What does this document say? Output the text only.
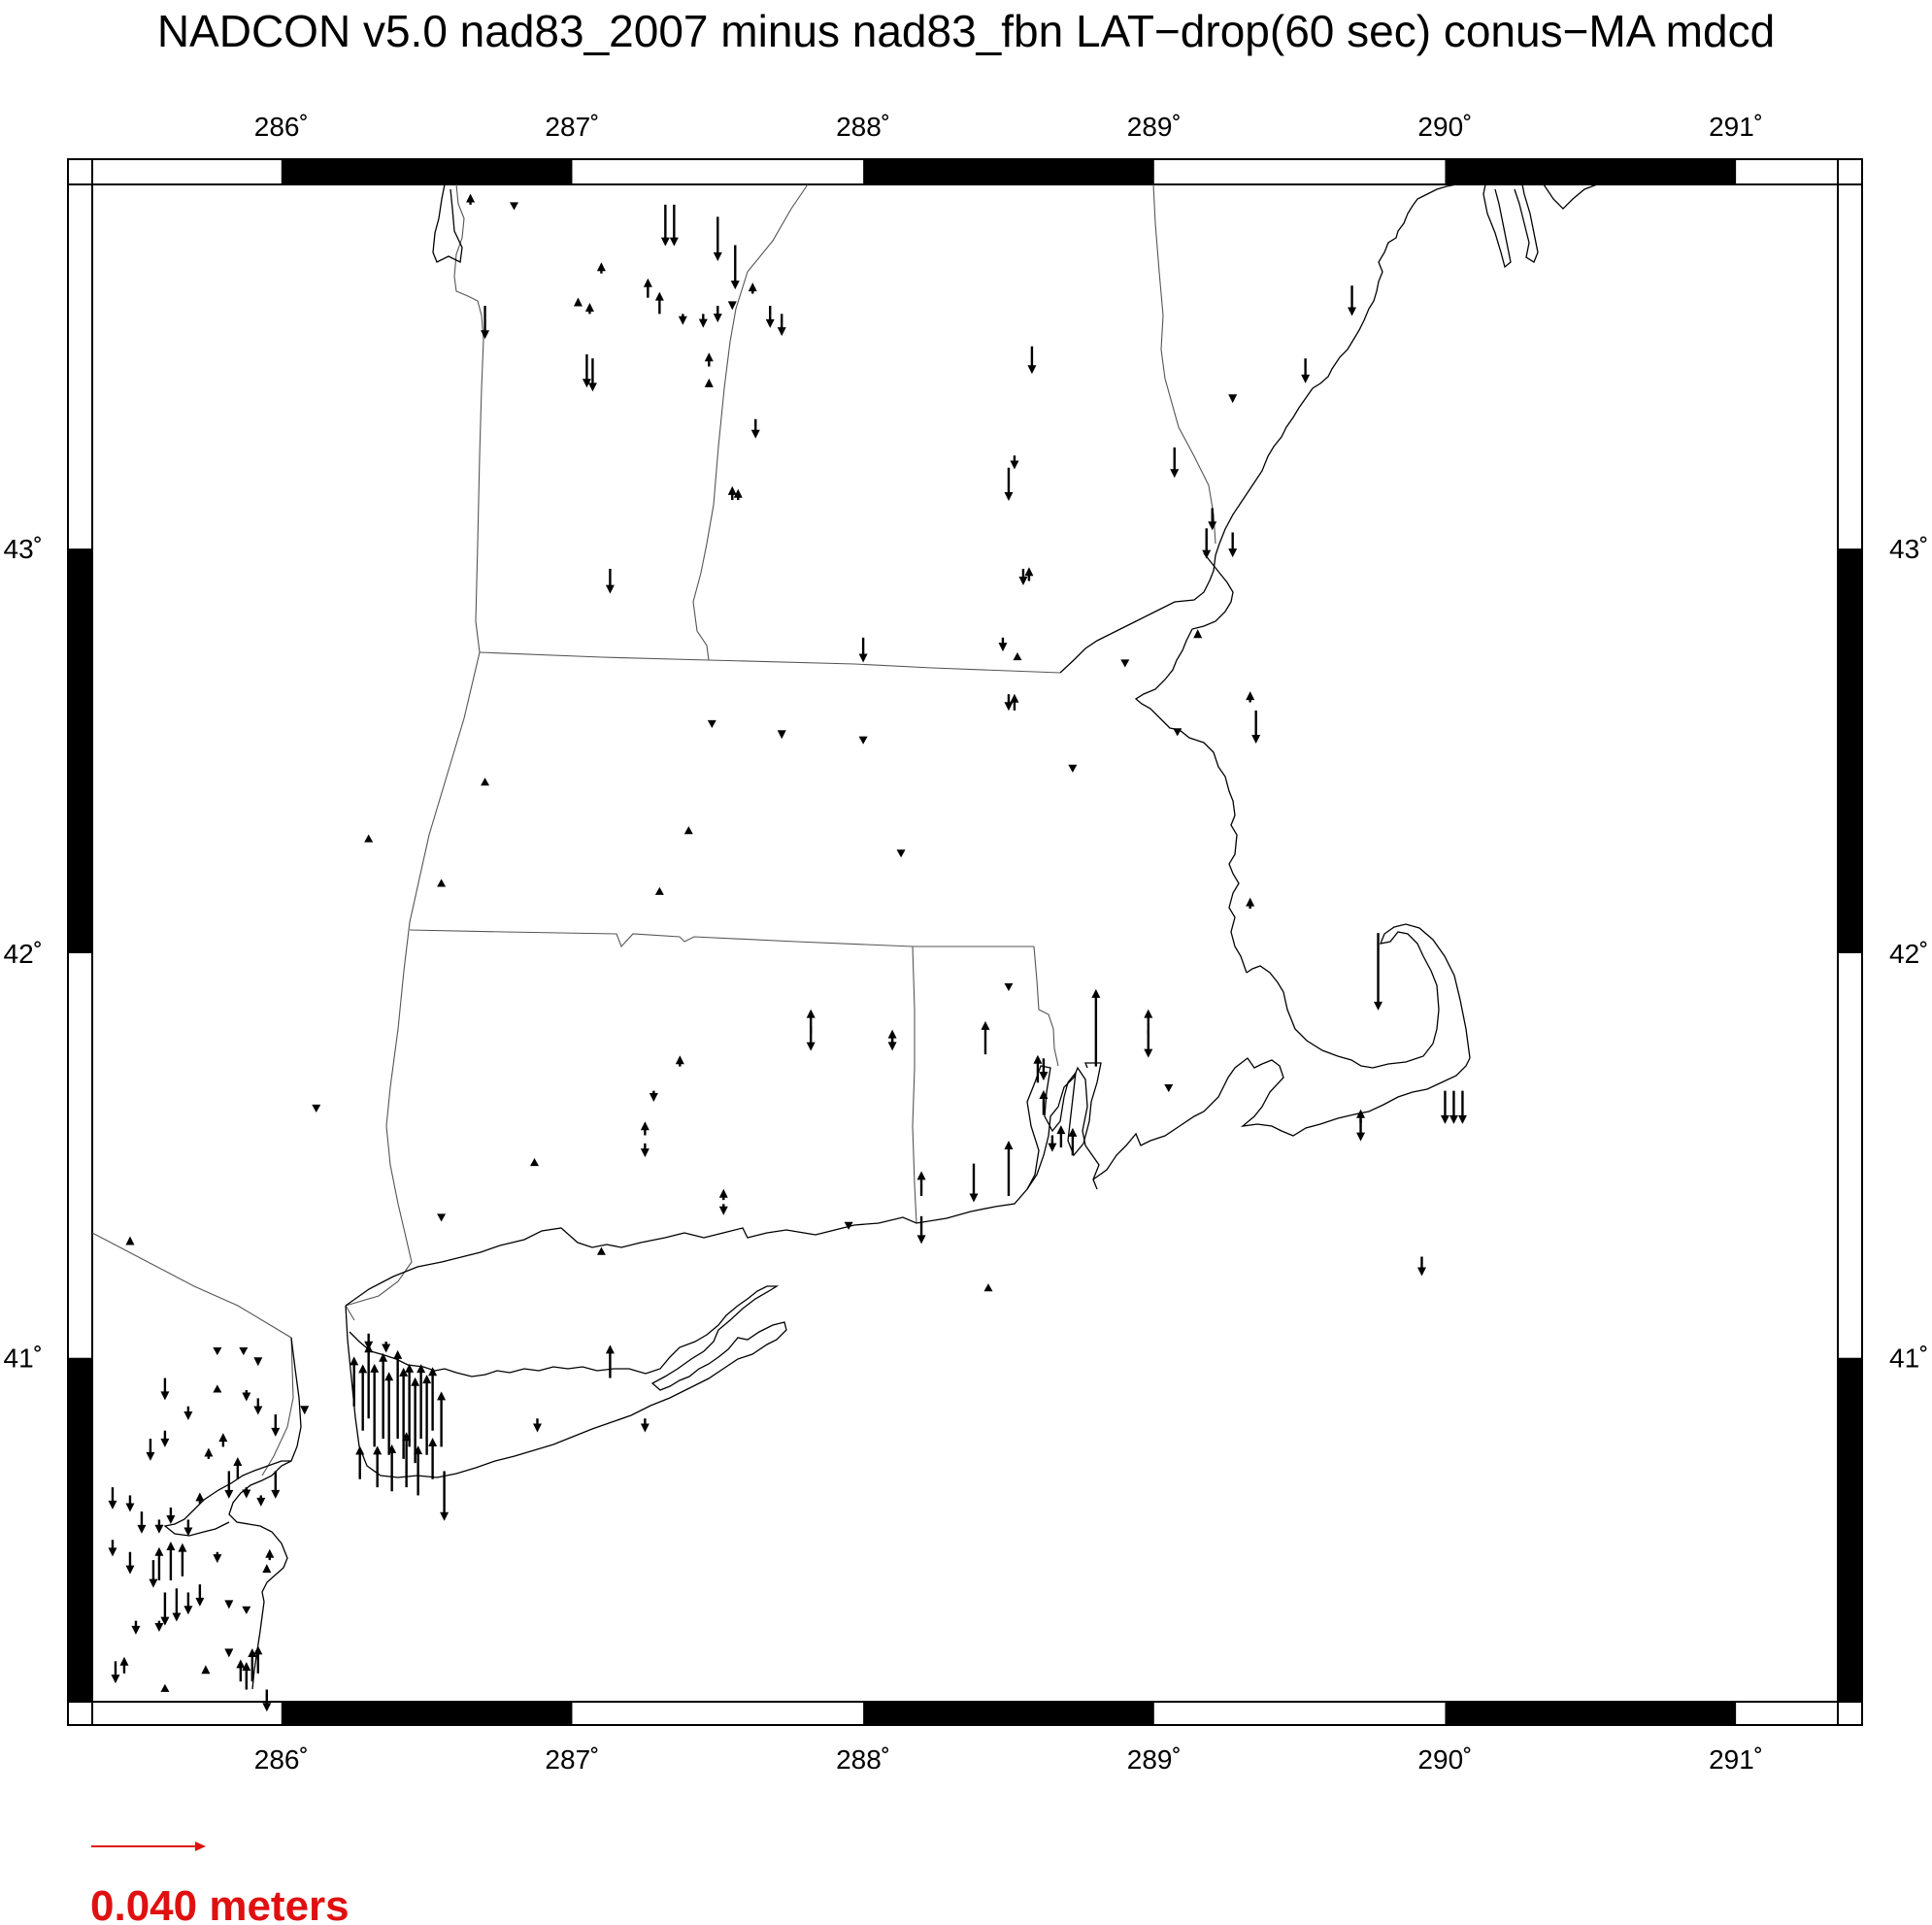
NADCON v5.0 nad83_2007 minus nad83_fbn LAT−drop(60 sec) conus−MA mdcd
286˚
286˚
287˚
287˚
288˚
288˚
289˚
289˚
290˚
290˚
291˚
291˚
41˚	41˚
42˚	42˚
43˚	43˚
0.040 meters
